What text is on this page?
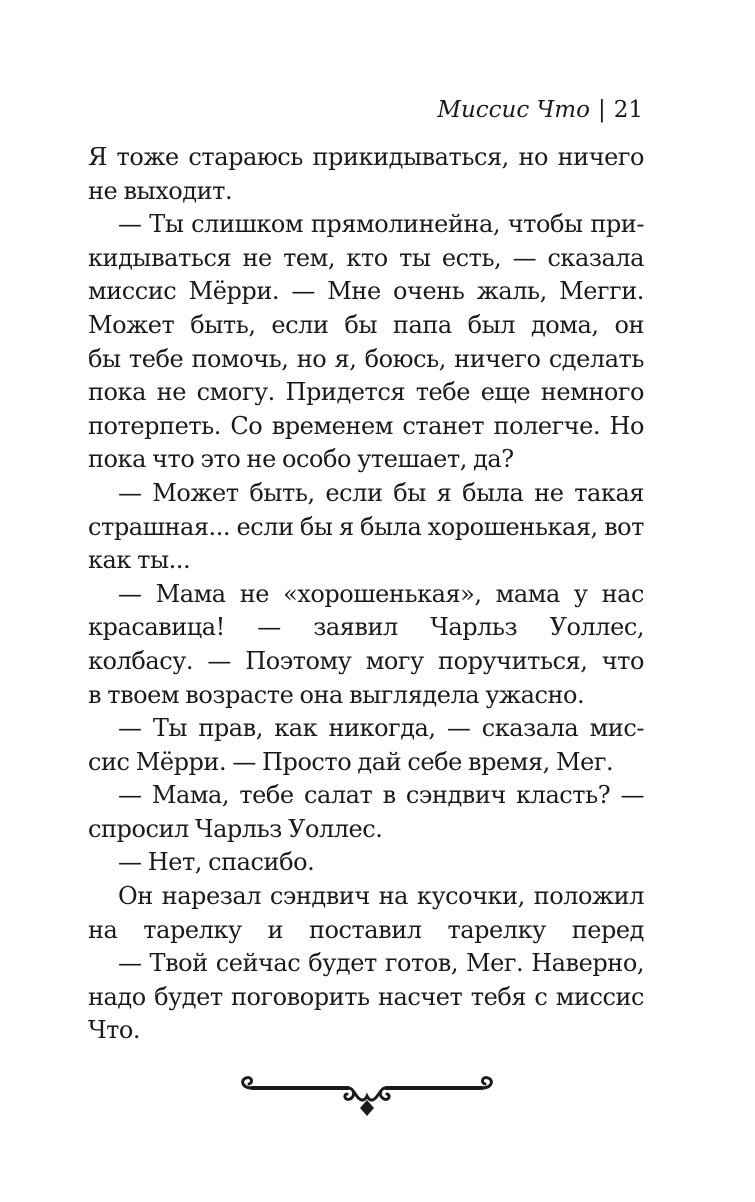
Миссис Что | 21
Я тоже стараюсь прикидываться, но ничего
не выходит.
— Ты слишком прямолинейна, чтобы при-
кидываться не тем, кто ты есть, — сказала
миссис Мёрри. — Мне очень жаль, Мегги.
Может быть, если бы папа был дома, он
бы тебе помочь, но я, боюсь, ничего сделать
пока не смогу. Придется тебе еще немного
потерпеть. Со временем станет полегче. Но
пока что это не особо утешает, да?
— Может быть, если бы я была не такая
страшная... если бы я была хорошенькая, вот
как ты...
— Мама не «хорошенькая», мама у нас
красавица! — заявил Чарльз Уоллес,
колбасу. — Поэтому могу поручиться, что
в твоем возрасте она выглядела ужасно.
— Ты прав, как никогда, — сказала мис-
сис Мёрри. — Просто дай себе время, Мег.
— Мама, тебе салат в сэндвич класть? —
спросил Чарльз Уоллес.
— Нет, спасибо.
Он нарезал сэндвич на кусочки, положил
на тарелку и поставил тарелку перед
— Твой сейчас будет готов, Мег. Наверно,
надо будет поговорить насчет тебя с миссис
Что.
